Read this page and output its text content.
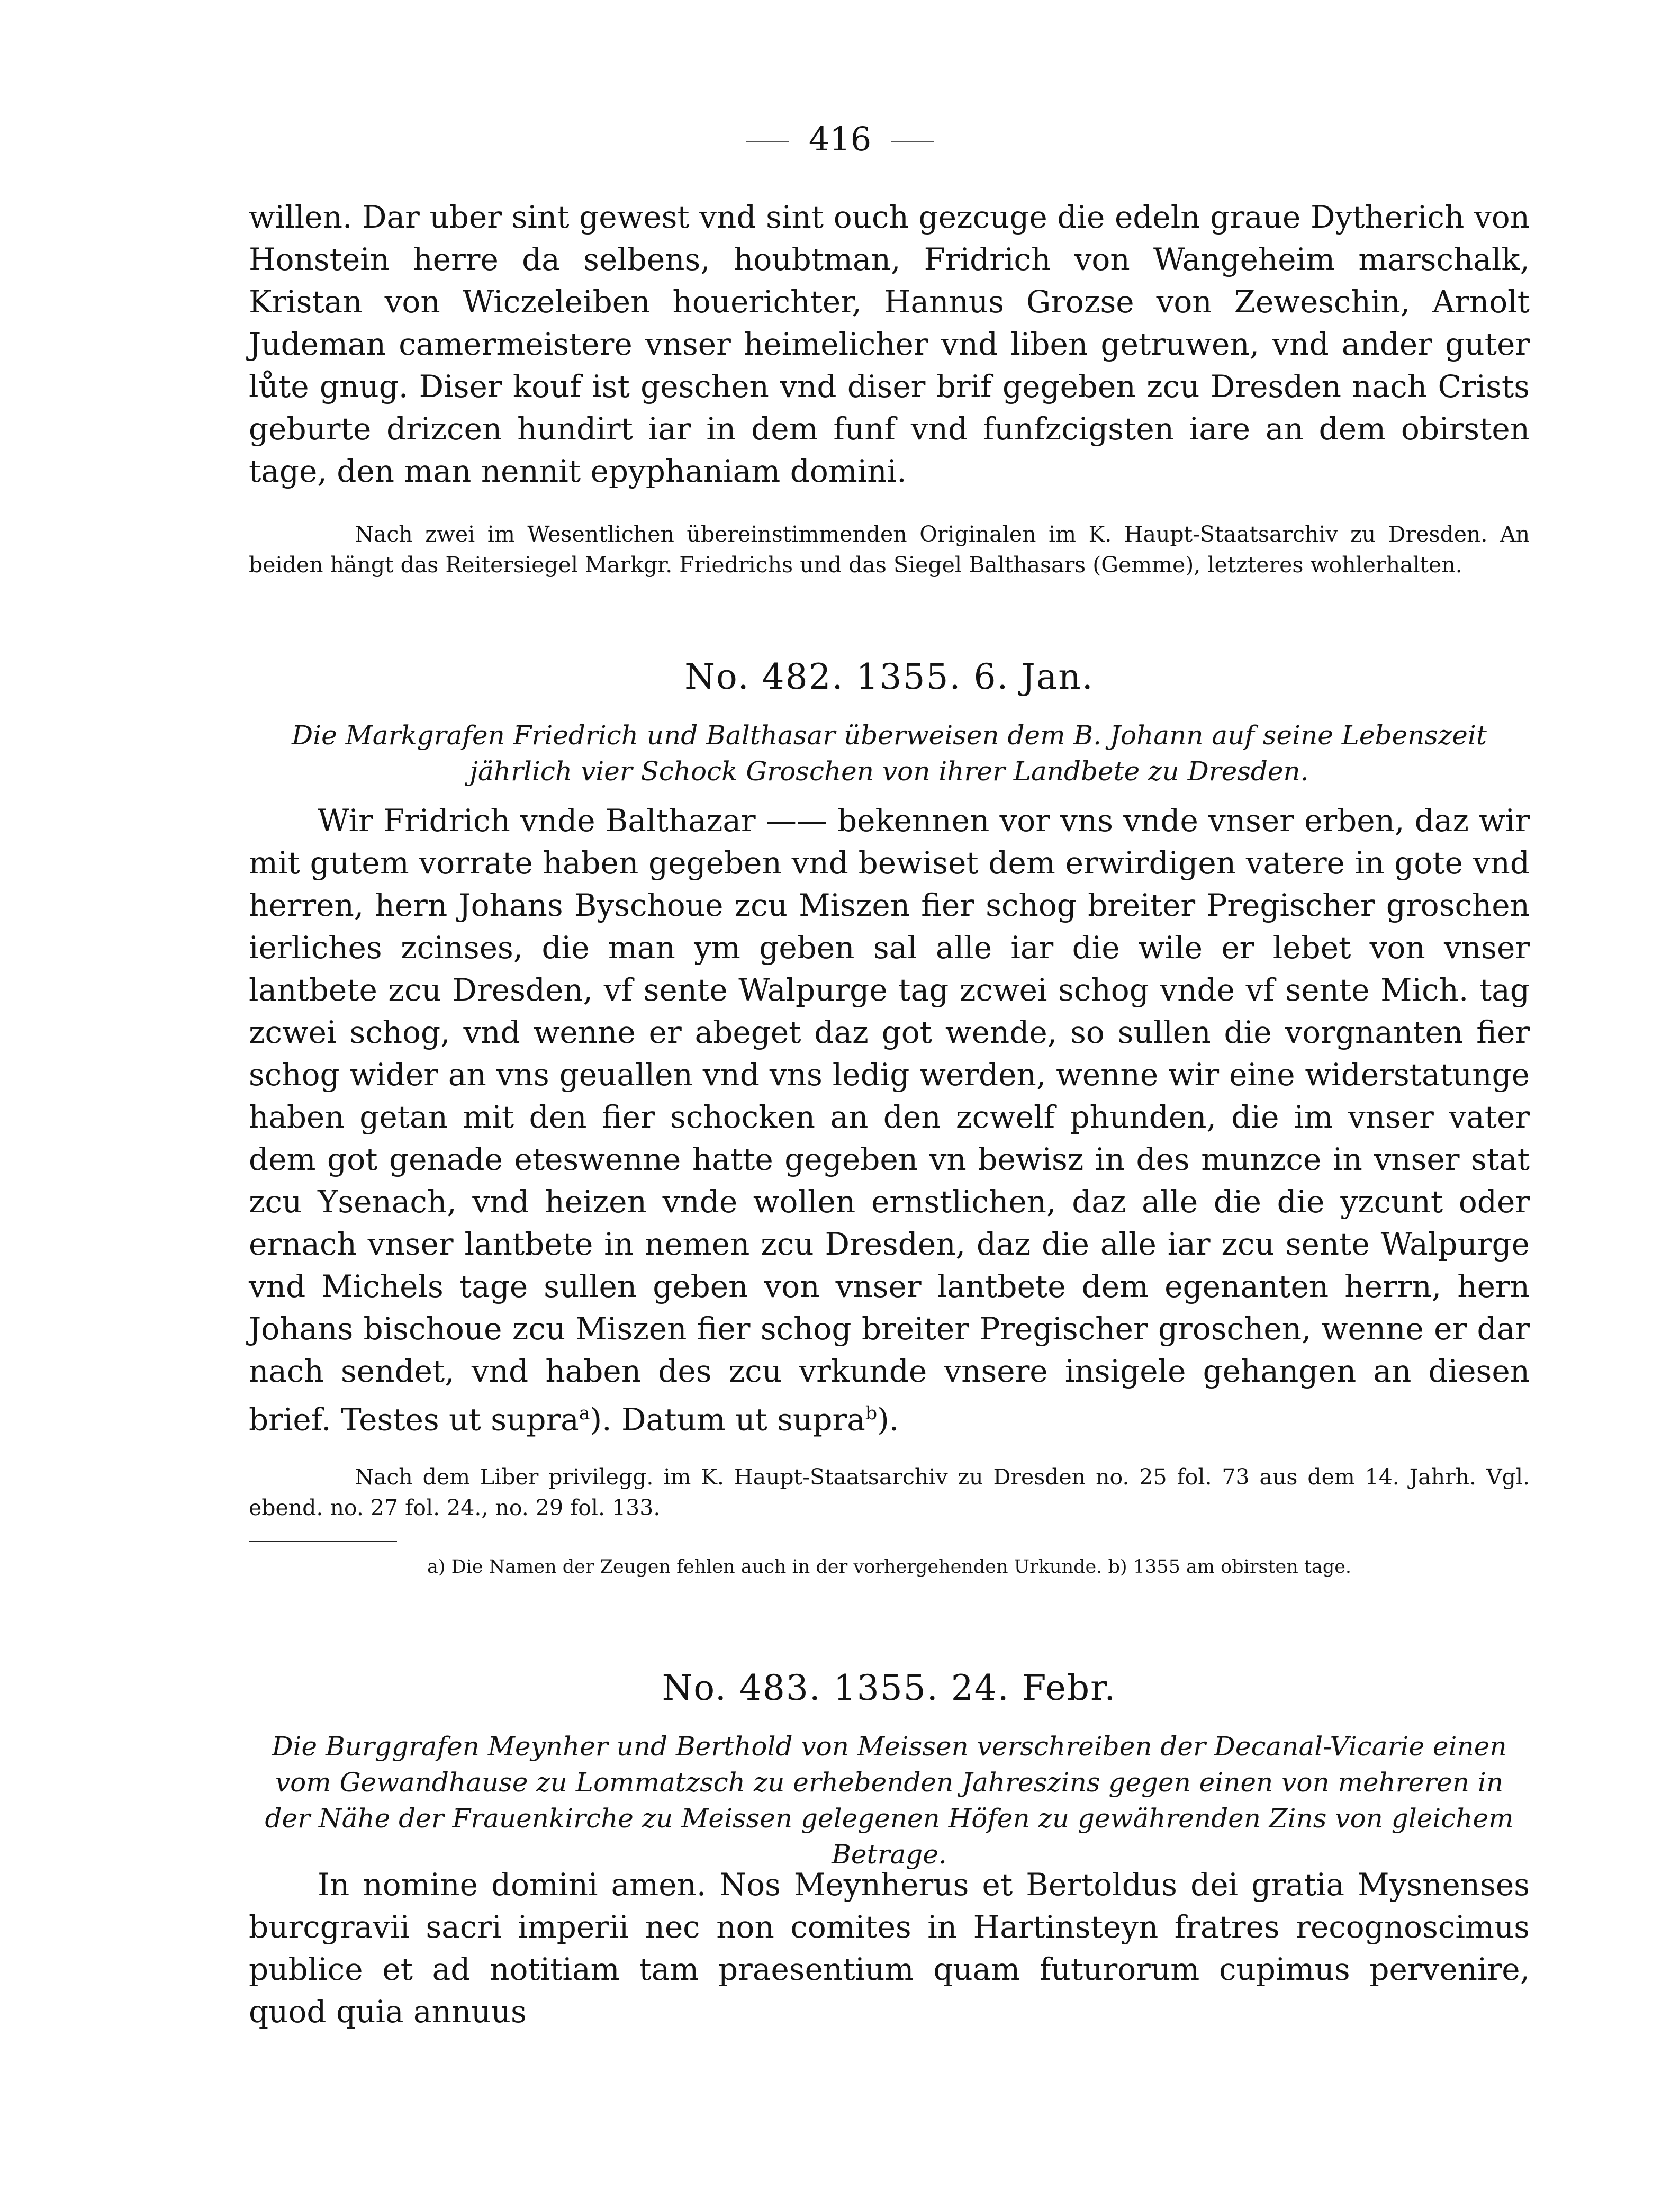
416
willen. Dar uber sint gewest vnd sint ouch gezcuge die edeln graue Dytherich von Honstein herre da selbens, houbtman, Fridrich von Wangeheim marschalk, Kristan von Wiczeleiben houerichter, Hannus Grozse von Zeweschin, Arnolt Judeman camermeistere vnser heimelicher vnd liben getruwen, vnd ander guter lůte gnug. Diser kouf ist geschen vnd diser brif gegeben zcu Dresden nach Crists geburte drizcen hundirt iar in dem funf vnd funfzcigsten iare an dem obirsten tage, den man nennit epyphaniam domini.
Nach zwei im Wesentlichen übereinstimmenden Originalen im K. Haupt-Staatsarchiv zu Dresden. An beiden hängt das Reitersiegel Markgr. Friedrichs und das Siegel Balthasars (Gemme), letzteres wohlerhalten.
No. 482. 1355. 6. Jan.
Die Markgrafen Friedrich und Balthasar überweisen dem B. Johann auf seine Lebenszeit jährlich vier Schock Groschen von ihrer Landbete zu Dresden.
Wir Fridrich vnde Balthazar —— bekennen vor vns vnde vnser erben, daz wir mit gutem vorrate haben gegeben vnd bewiset dem erwirdigen vatere in gote vnd herren, hern Johans Byschoue zcu Miszen fier schog breiter Pregischer groschen ierliches zcinses, die man ym geben sal alle iar die wile er lebet von vnser lantbete zcu Dresden, vf sente Walpurge tag zcwei schog vnde vf sente Mich. tag zcwei schog, vnd wenne er abeget daz got wende, so sullen die vorgnanten fier schog wider an vns geuallen vnd vns ledig werden, wenne wir eine widerstatunge haben getan mit den fier schocken an den zcwelf phunden, die im vnser vater dem got genade eteswenne hatte gegeben vn bewisz in des munzce in vnser stat zcu Ysenach, vnd heizen vnde wollen ernstlichen, daz alle die die yzcunt oder ernach vnser lantbete in nemen zcu Dresden, daz die alle iar zcu sente Walpurge vnd Michels tage sullen geben von vnser lantbete dem egenanten herrn, hern Johans bischoue zcu Miszen fier schog breiter Pregischer groschen, wenne er dar nach sendet, vnd haben des zcu vrkunde vnsere insigele gehangen an diesen brief. Testes ut supra$^a$). Datum ut supra$^b$).
Nach dem Liber privilegg. im K. Haupt-Staatsarchiv zu Dresden no. 25 fol. 73 aus dem 14. Jahrh. Vgl. ebend. no. 27 fol. 24., no. 29 fol. 133.
a) Die Namen der Zeugen fehlen auch in der vorhergehenden Urkunde. b) 1355 am obirsten tage.
No. 483. 1355. 24. Febr.
Die Burggrafen Meynher und Berthold von Meissen verschreiben der Decanal-Vicarie einen vom Gewandhause zu Lommatzsch zu erhebenden Jahreszins gegen einen von mehreren in der Nähe der Frauenkirche zu Meissen gelegenen Höfen zu gewährenden Zins von gleichem Betrage.
In nomine domini amen. Nos Meynherus et Bertoldus dei gratia Mysnenses burcgravii sacri imperii nec non comites in Hartinsteyn fratres recognoscimus publice et ad notitiam tam praesentium quam futurorum cupimus pervenire, quod quia annuus
